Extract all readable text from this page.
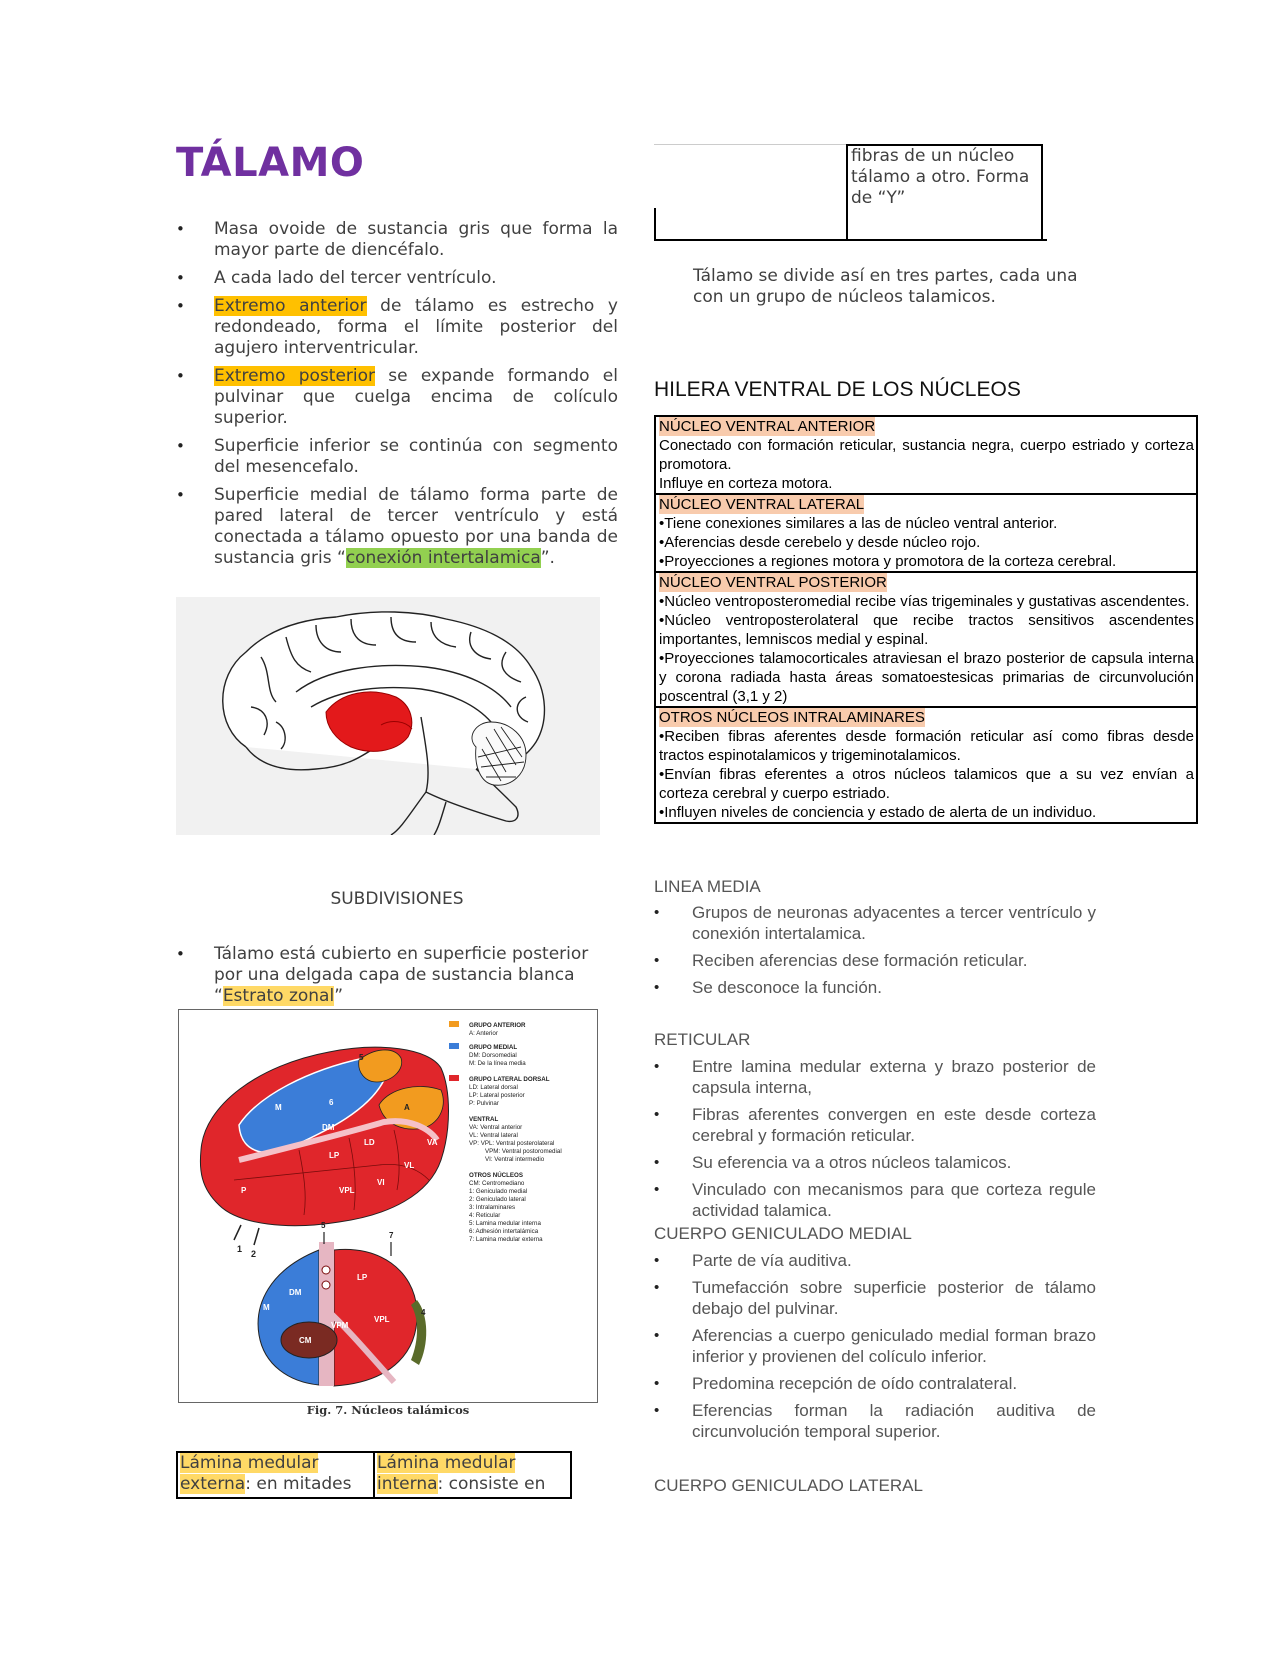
TÁLAMO
• Masa ovoide de sustancia gris que forma la mayor parte de diencéfalo.
• A cada lado del tercer ventrículo.
• Extremo anterior de tálamo es estrecho y redondeado, forma el límite posterior del agujero interventricular.
• Extremo posterior se expande formando el pulvinar que cuelga encima de colículo superior.
• Superficie inferior se continúa con segmento del mesencefalo.
• Superficie medial de tálamo forma parte de pared lateral de tercer ventrículo y está conectada a tálamo opuesto por una banda de sustancia gris “conexión intertalamica”.
SUBDIVISIONES
• Tálamo está cubierto en superficie posterior por una delgada capa de sustancia blanca “Estrato zonal”
1 2
5
6
A
DM
M
VA
VL
LD
LP
P	VPL
VI
CM
DM
M
LP
VPL
VPM
5
7
4
GRUPO ANTERIOR
A: Anterior
GRUPO MEDIAL
DM: Dorsomedial
M: De la línea media
GRUPO LATERAL DORSAL
LD: Lateral dorsal
LP: Lateral posterior
P: Pulvinar
VENTRAL
VA: Ventral anterior
VL: Ventral lateral
VP: VPL: Ventral posterolateral
VPM: Ventral postoromedial
VI: Ventral intermedio
OTROS NÚCLEOS
CM: Centromediano
1: Geniculado medial
2: Geniculado lateral
3: Intralaminares
4: Reticular
5: Lamina medular interna
6: Adhesión intertalámica
7: Lamina medular externa
Fig. 7. Núcleos talámicos
Lámina medular externa: en mitades
Lámina medular interna: consiste en
fibras de un núcleo tálamo a otro. Forma de “Y”
Tálamo se divide así en tres partes, cada una con un grupo de núcleos talamicos.
HILERA VENTRAL DE LOS NÚCLEOS
NÚCLEO VENTRAL ANTERIOR
Conectado con formación reticular, sustancia negra, cuerpo estriado y corteza promotora.
Influye en corteza motora.
NÚCLEO VENTRAL LATERAL
•Tiene conexiones similares a las de núcleo ventral anterior.
•Aferencias desde cerebelo y desde núcleo rojo.
•Proyecciones a regiones motora y promotora de la corteza cerebral.
NÚCLEO VENTRAL POSTERIOR
•Núcleo ventroposteromedial recibe vías trigeminales y gustativas ascendentes.
•Núcleo ventroposterolateral que recibe tractos sensitivos ascendentes importantes, lemniscos medial y espinal.
•Proyecciones talamocorticales atraviesan el brazo posterior de capsula interna y corona radiada hasta áreas somatoestesicas primarias de circunvolución poscentral (3,1 y 2)
OTROS NÚCLEOS INTRALAMINARES
•Reciben fibras aferentes desde formación reticular así como fibras desde tractos espinotalamicos y trigeminotalamicos.
•Envían fibras eferentes a otros núcleos talamicos que a su vez envían a corteza cerebral y cuerpo estriado.
•Influyen niveles de conciencia y estado de alerta de un individuo.
LINEA MEDIA
• Grupos de neuronas adyacentes a tercer ventrículo y conexión intertalamica.
• Reciben aferencias dese formación reticular.
• Se desconoce la función.
RETICULAR
• Entre lamina medular externa y brazo posterior de capsula interna,
• Fibras aferentes convergen en este desde corteza cerebral y formación reticular.
• Su eferencia va a otros núcleos talamicos.
• Vinculado con mecanismos para que corteza regule actividad talamica.
CUERPO GENICULADO MEDIAL
• Parte de vía auditiva.
• Tumefacción sobre superficie posterior de tálamo debajo del pulvinar.
• Aferencias a cuerpo geniculado medial forman brazo inferior y provienen del colículo inferior.
• Predomina recepción de oído contralateral.
• Eferencias forman la radiación auditiva de circunvolución temporal superior.
CUERPO GENICULADO LATERAL
